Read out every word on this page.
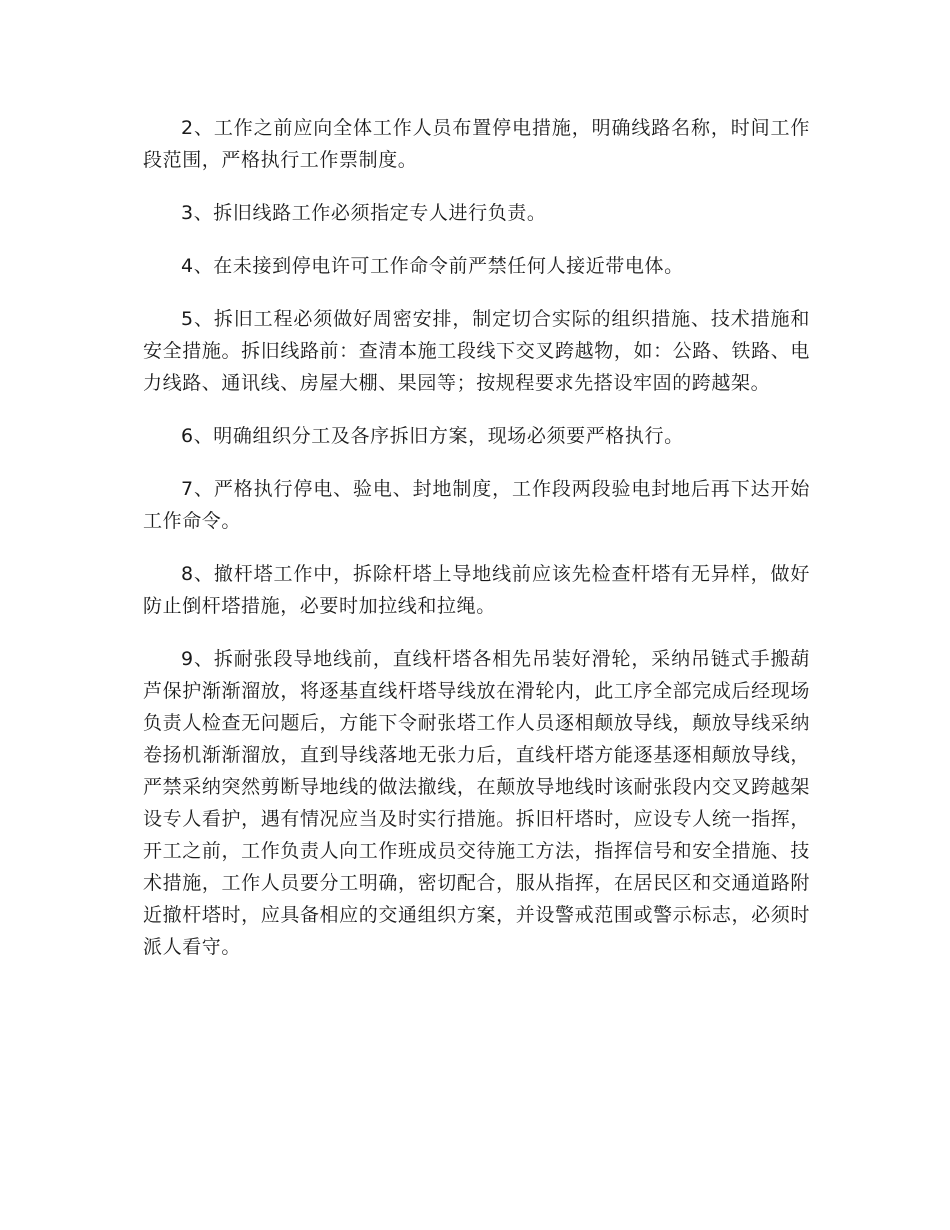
2、工作之前应向全体工作人员布置停电措施，明确线路名称，时间工作段范围，严格执行工作票制度。

3、拆旧线路工作必须指定专人进行负责。

4、在未接到停电许可工作命令前严禁任何人接近带电体。

5、拆旧工程必须做好周密安排，制定切合实际的组织措施、技术措施和安全措施。拆旧线路前：查清本施工段线下交叉跨越物，如：公路、铁路、电力线路、通讯线、房屋大棚、果园等；按规程要求先搭设牢固的跨越架。

6、明确组织分工及各序拆旧方案，现场必须要严格执行。

7、严格执行停电、验电、封地制度，工作段两段验电封地后再下达开始工作命令。

8、撤杆塔工作中，拆除杆塔上导地线前应该先检查杆塔有无异样，做好防止倒杆塔措施，必要时加拉线和拉绳。

9、拆耐张段导地线前，直线杆塔各相先吊装好滑轮，采纳吊链式手搬葫芦保护渐渐溜放，将逐基直线杆塔导线放在滑轮内，此工序全部完成后经现场负责人检查无问题后，方能下令耐张塔工作人员逐相颠放导线，颠放导线采纳卷扬机渐渐溜放，直到导线落地无张力后，直线杆塔方能逐基逐相颠放导线，严禁采纳突然剪断导地线的做法撤线，在颠放导地线时该耐张段内交叉跨越架设专人看护，遇有情况应当及时实行措施。拆旧杆塔时，应设专人统一指挥，开工之前，工作负责人向工作班成员交待施工方法，指挥信号和安全措施、技术措施，工作人员要分工明确，密切配合，服从指挥，在居民区和交通道路附近撤杆塔时，应具备相应的交通组织方案，并设警戒范围或警示标志，必须时派人看守。
